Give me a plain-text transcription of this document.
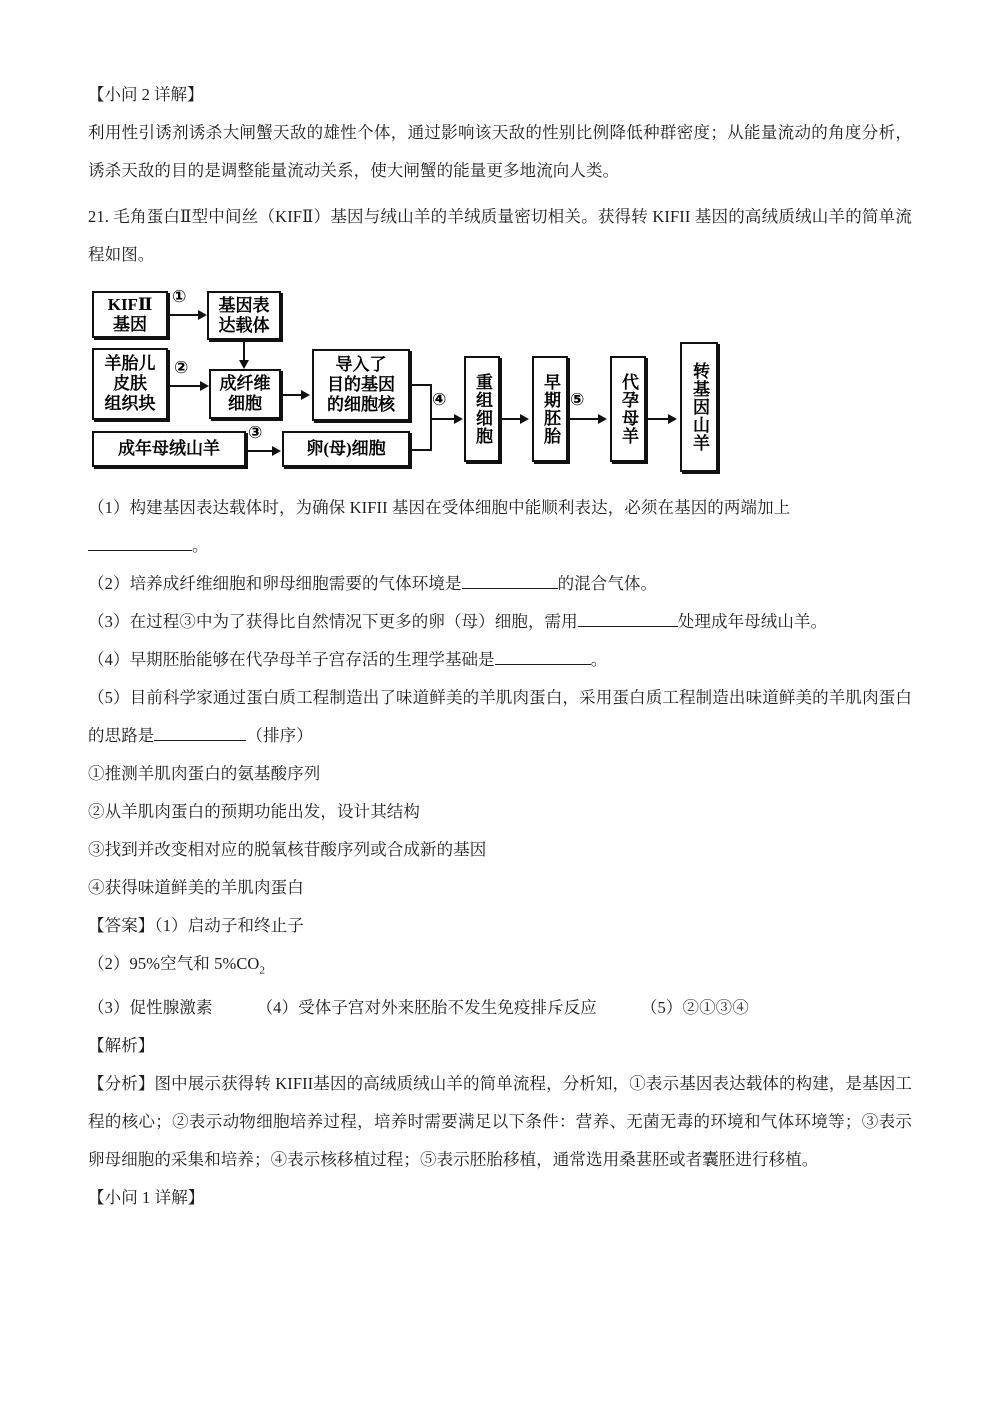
【小问 2 详解】

利用性引诱剂诱杀大闸蟹天敌的雄性个体，通过影响该天敌的性别比例降低种群密度；从能量流动的角度分析，诱杀天敌的目的是调整能量流动关系，使大闸蟹的能量更多地流向人类。

21. 毛角蛋白Ⅱ型中间丝（KIFⅡ）基因与绒山羊的羊绒质量密切相关。获得转 KIFII 基因的高绒质绒山羊的简单流程如图。

KIFⅡ
基因
① 基因表
达载体
羊胎儿
皮肤
组织块
②
成纤维
细胞
导入了
目的基因
的细胞核
成年母绒山羊
③
卵(母)细胞
④ 重组细胞	早期胚胎 ⑤ 代孕母羊	转基因山羊

（1）构建基因表达载体时，为确保 KIFII 基因在受体细胞中能顺利表达，必须在基因的两端加上

。

（2）培养成纤维细胞和卵母细胞需要的气体环境是	的混合气体。

（3）在过程③中为了获得比自然情况下更多的卵（母）细胞，需用	处理成年母绒山羊。

（4）早期胚胎能够在代孕母羊子宫存活的生理学基础是	。

（5）目前科学家通过蛋白质工程制造出了味道鲜美的羊肌肉蛋白，采用蛋白质工程制造出味道鲜美的羊肌肉蛋白的思路是	（排序）

①推测羊肌肉蛋白的氨基酸序列

②从羊肌肉蛋白的预期功能出发，设计其结构

③找到并改变相对应的脱氧核苷酸序列或合成新的基因

④获得味道鲜美的羊肌肉蛋白

【答案】（1）启动子和终止子

（2）95%空气和 $5\%CO_2$

（3）促性腺激素	（4）受体子宫对外来胚胎不发生免疫排斥反应	（5）②①③④

【解析】

【分析】图中展示获得转 KIFII基因的高绒质绒山羊的简单流程，分析知，①表示基因表达载体的构建，是基因工程的核心；②表示动物细胞培养过程，培养时需要满足以下条件：营养、无菌无毒的环境和气体环境等；③表示卵母细胞的采集和培养；④表示核移植过程；⑤表示胚胎移植，通常选用桑葚胚或者囊胚进行移植。

【小问 1 详解】
